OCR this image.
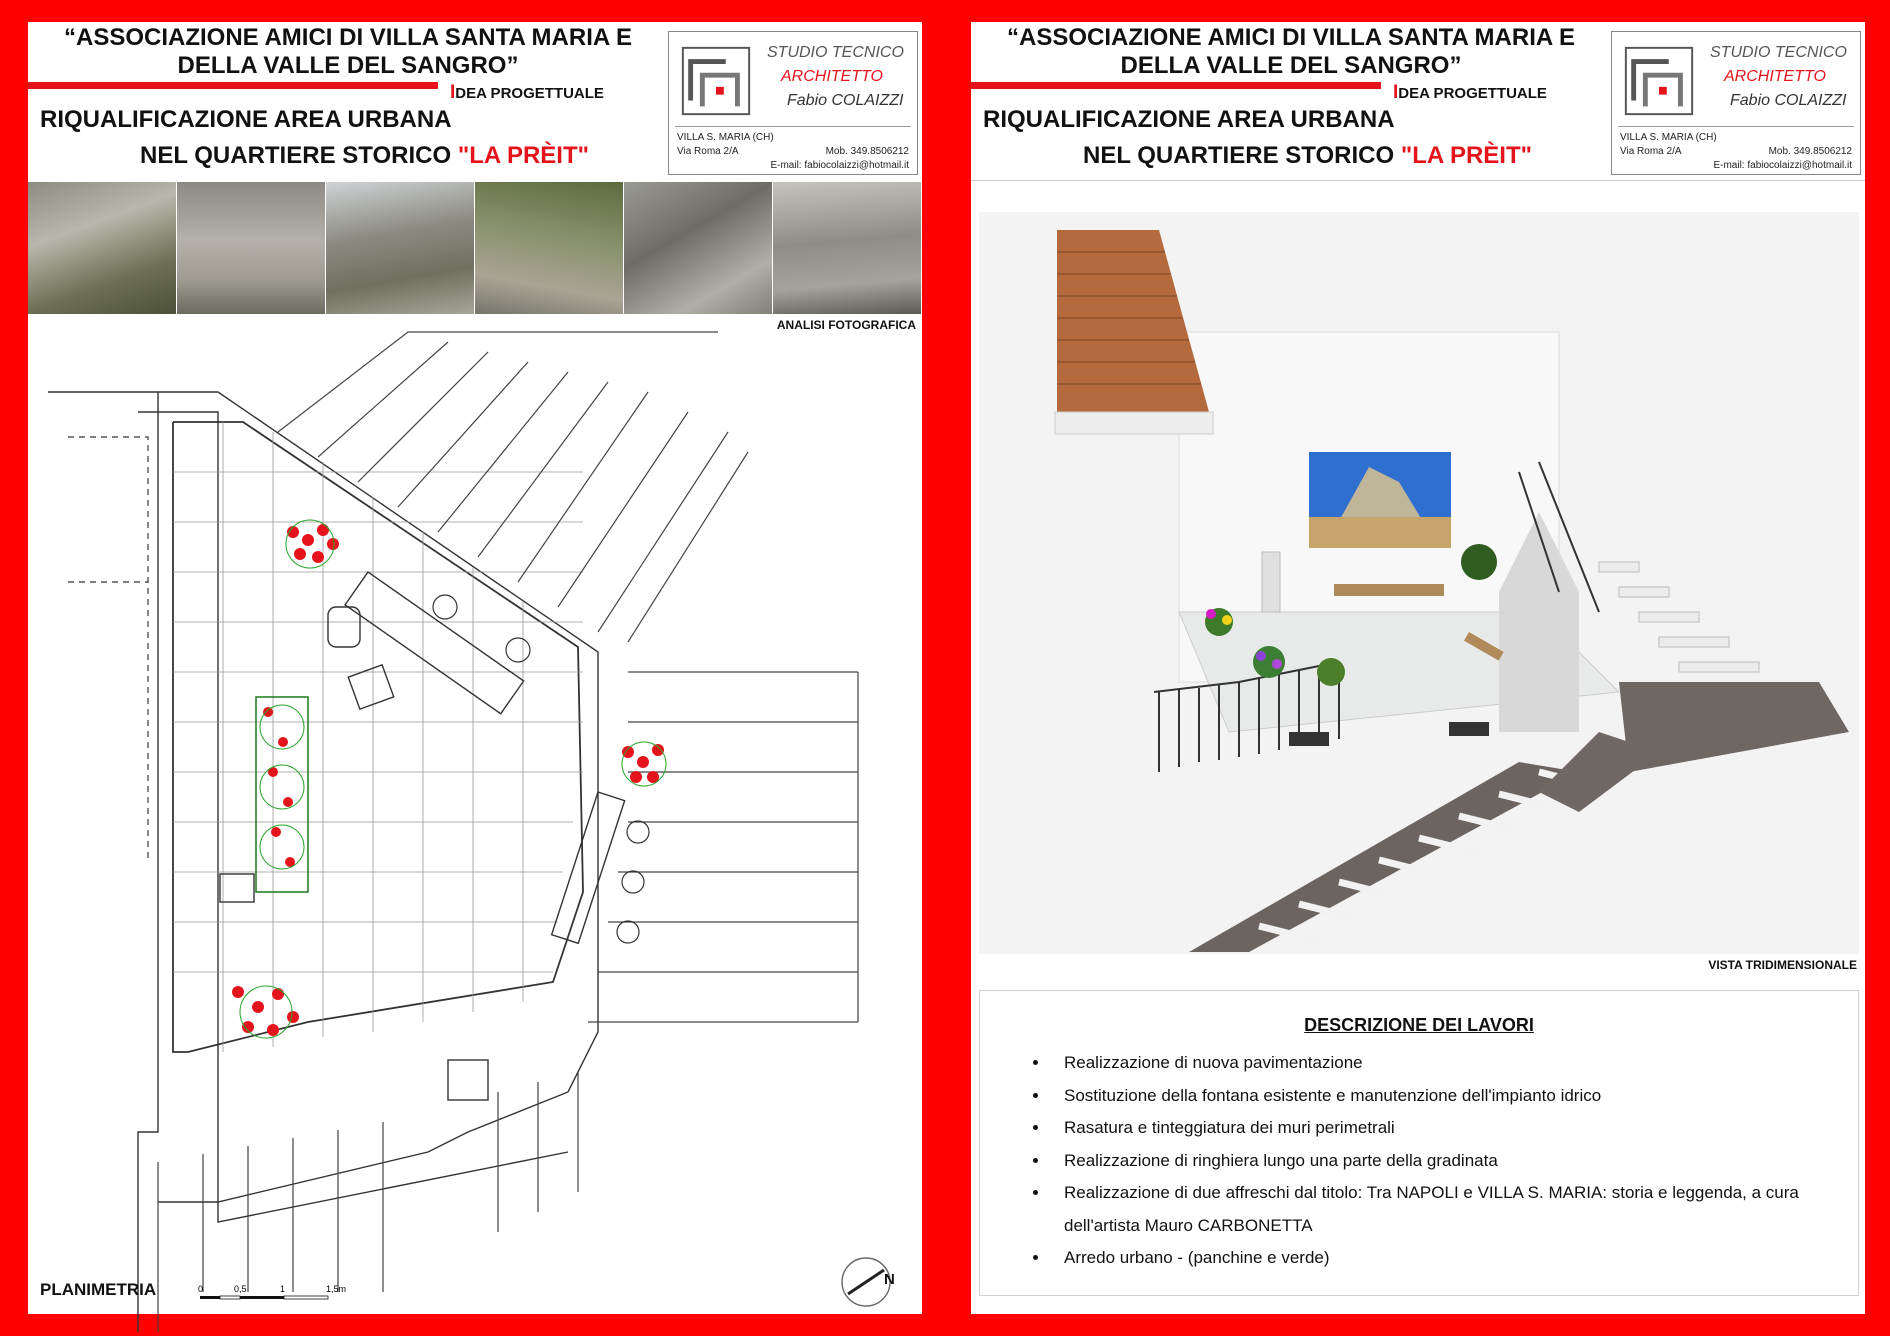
“ASSOCIAZIONE AMICI DI VILLA SANTA MARIA E
DELLA VALLE DEL SANGRO”
IDEA PROGETTUALE
RIQUALIFICAZIONE AREA URBANA
NEL QUARTIERE STORICO "LA PRÈIT"
STUDIO TECNICO
ARCHITETTO
Fabio COLAIZZI
VILLA S. MARIA (CH)
Via Roma 2/A	Mob. 349.8506212
E-mail: fabiocolaizzi@hotmail.it
ANALISI FOTOGRAFICA
N
PLANIMETRIA	0	0,5	1	1,5m
“ASSOCIAZIONE AMICI DI VILLA SANTA MARIA E
DELLA VALLE DEL SANGRO”
IDEA PROGETTUALE
RIQUALIFICAZIONE AREA URBANA
NEL QUARTIERE STORICO "LA PRÈIT"
STUDIO TECNICO
ARCHITETTO
Fabio COLAIZZI
VILLA S. MARIA (CH)
Via Roma 2/A	Mob. 349.8506212
E-mail: fabiocolaizzi@hotmail.it
VISTA TRIDIMENSIONALE
DESCRIZIONE DEI LAVORI
• Realizzazione di nuova pavimentazione
• Sostituzione della fontana esistente e manutenzione dell'impianto idrico
• Rasatura e tinteggiatura dei muri perimetrali
• Realizzazione di ringhiera lungo una parte della gradinata
• Realizzazione di due affreschi dal titolo: Tra NAPOLI e VILLA S. MARIA: storia e leggenda, a cura dell'artista Mauro CARBONETTA
• Arredo urbano - (panchine e verde)
